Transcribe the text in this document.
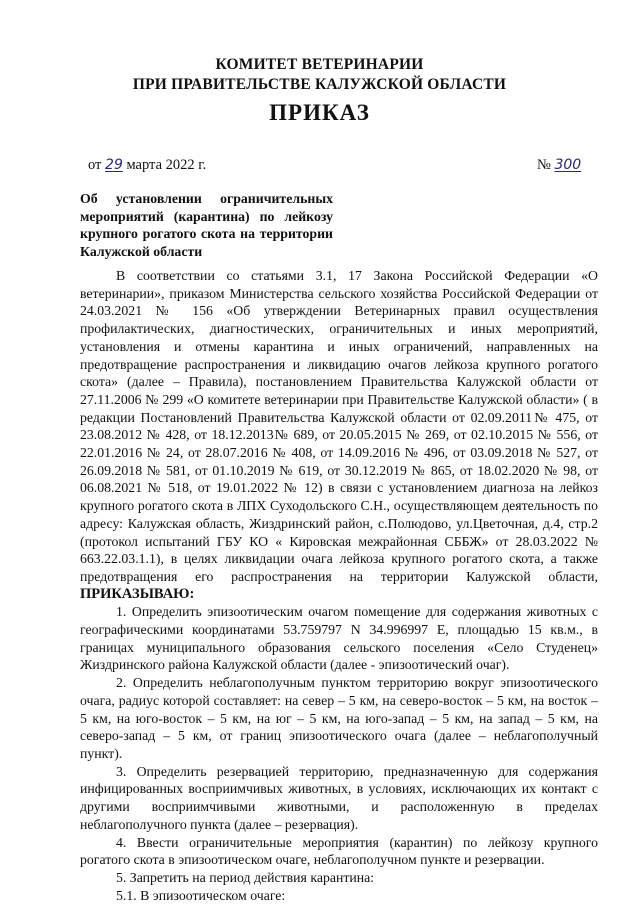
КОМИТЕТ ВЕТЕРИНАРИИ
ПРИ ПРАВИТЕЛЬСТВЕ КАЛУЖСКОЙ ОБЛАСТИ
ПРИКАЗ
от 29 марта 2022 г.	№ 300
Об установлении ограничительных мероприятий (карантина) по лейкозу крупного рогатого скота на территории Калужской области

В соответствии со статьями 3.1, 17 Закона Российской Федерации «О ветеринарии», приказом Министерства сельского хозяйства Российской Федерации от 24.03.2021 № 156 «Об утверждении Ветеринарных правил осуществления профилактических, диагностических, ограничительных и иных мероприятий, установления и отмены карантина и иных ограничений, направленных на предотвращение распространения и ликвидацию очагов лейкоза крупного рогатого скота» (далее – Правила), постановлением Правительства Калужской области от 27.11.2006 № 299 «О комитете ветеринарии при Правительстве Калужской области» ( в редакции Постановлений Правительства Калужской области от 02.09.2011№ 475, от 23.08.2012 № 428, от 18.12.2013№ 689, от 20.05.2015 № 269, от 02.10.2015 № 556, от 22.01.2016 № 24, от 28.07.2016 № 408, от 14.09.2016 № 496, от 03.09.2018 № 527, от 26.09.2018 № 581, от 01.10.2019 № 619, от 30.12.2019 № 865, от 18.02.2020 № 98, от 06.08.2021 № 518, от 19.01.2022 № 12) в связи с установлением диагноза на лейкоз крупного рогатого скота в ЛПХ Суходольского С.Н., осуществляющем деятельность по адресу: Калужская область, Жиздринский район, с.Полюдово, ул.Цветочная, д.4, стр.2 (протокол испытаний ГБУ КО « Кировская межрайонная СББЖ» от 28.03.2022 № 663.22.03.1.1), в целях ликвидации очага лейкоза крупного рогатого скота, а также предотвращения его распространения на территории Калужской области,

ПРИКАЗЫВАЮ:

1. Определить эпизоотическим очагом помещение для содержания животных с географическими координатами 53.759797 N 34.996997 E, площадью 15 кв.м., в границах муниципального образования сельского поселения «Село Студенец» Жиздринского района Калужской области (далее - эпизоотический очаг).

2. Определить неблагополучным пунктом территорию вокруг эпизоотического очага, радиус которой составляет: на север – 5 км, на северо-восток – 5 км, на восток – 5 км, на юго-восток – 5 км, на юг – 5 км, на юго-запад – 5 км, на запад – 5 км, на северо-запад – 5 км, от границ эпизоотического очага (далее – неблагополучный пункт).

3. Определить резервацией территорию, предназначенную для содержания инфицированных восприимчивых животных, в условиях, исключающих их контакт с другими восприимчивыми животными, и расположенную в пределах неблагополучного пункта (далее – резервация).

4. Ввести ограничительные мероприятия (карантин) по лейкозу крупного рогатого скота в эпизоотическом очаге, неблагополучном пункте и резервации.

5. Запретить на период действия карантина:

5.1. В эпизоотическом очаге:
